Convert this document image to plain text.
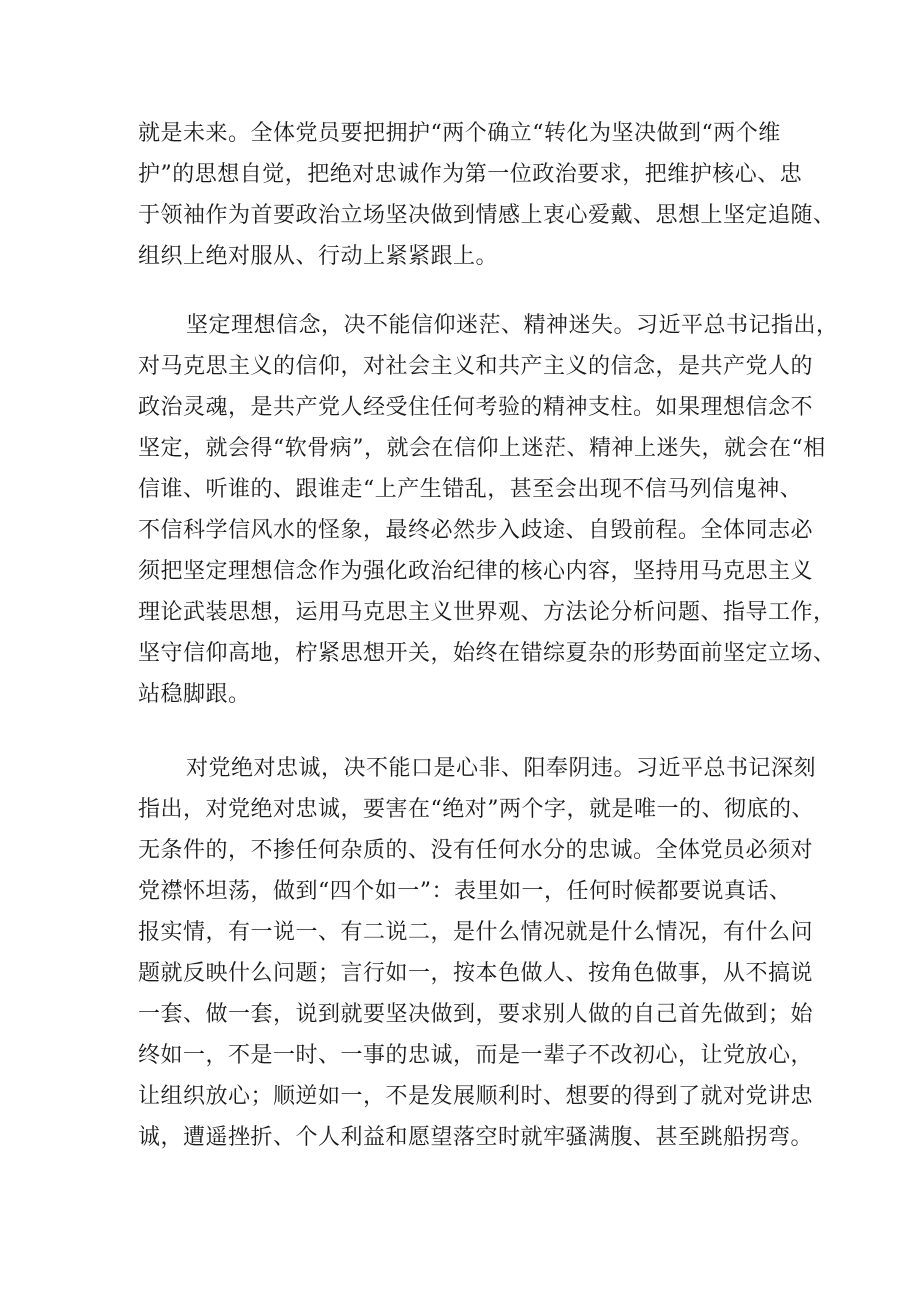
就是未来。全体党员要把拥护“两个确立“转化为坚决做到“两个维
护”的思想自觉，把绝对忠诚作为第一位政治要求，把维护核心、忠
于领袖作为首要政治立场坚决做到情感上衷心爱戴、思想上坚定追随、
组织上绝对服从、行动上紧紧跟上。
坚定理想信念，决不能信仰迷茫、精神迷失。习近平总书记指出，
对马克思主义的信仰，对社会主义和共产主义的信念，是共产党人的
政治灵魂，是共产党人经受住任何考验的精神支柱。如果理想信念不
坚定，就会得“软骨病”，就会在信仰上迷茫、精神上迷失，就会在“相
信谁、听谁的、跟谁走“上产生错乱，甚至会出现不信马列信鬼神、
不信科学信风水的怪象，最终必然步入歧途、自毁前程。全体同志必
须把坚定理想信念作为强化政治纪律的核心内容，坚持用马克思主义
理论武装思想，运用马克思主义世界观、方法论分析问题、指导工作，
坚守信仰高地，柠紧思想开关，始终在错综夏杂的形势面前坚定立场、
站稳脚跟。
对党绝对忠诚，决不能口是心非、阳奉阴违。习近平总书记深刻
指出，对党绝对忠诚，要害在“绝对”两个字，就是唯一的、彻底的、
无条件的，不掺任何杂质的、没有任何水分的忠诚。全体党员必须对
党襟怀坦荡，做到“四个如一”：表里如一，任何时候都要说真话、
报实情，有一说一、有二说二，是什么情况就是什么情况，有什么问
题就反映什么问题；言行如一，按本色做人、按角色做事，从不搞说
一套、做一套，说到就要坚决做到，要求别人做的自己首先做到；始
终如一，不是一时、一事的忠诚，而是一辈子不改初心，让党放心，
让组织放心；顺逆如一，不是发展顺利时、想要的得到了就对党讲忠
诚，遭遥挫折、个人利益和愿望落空时就牢骚满腹、甚至跳船拐弯。
